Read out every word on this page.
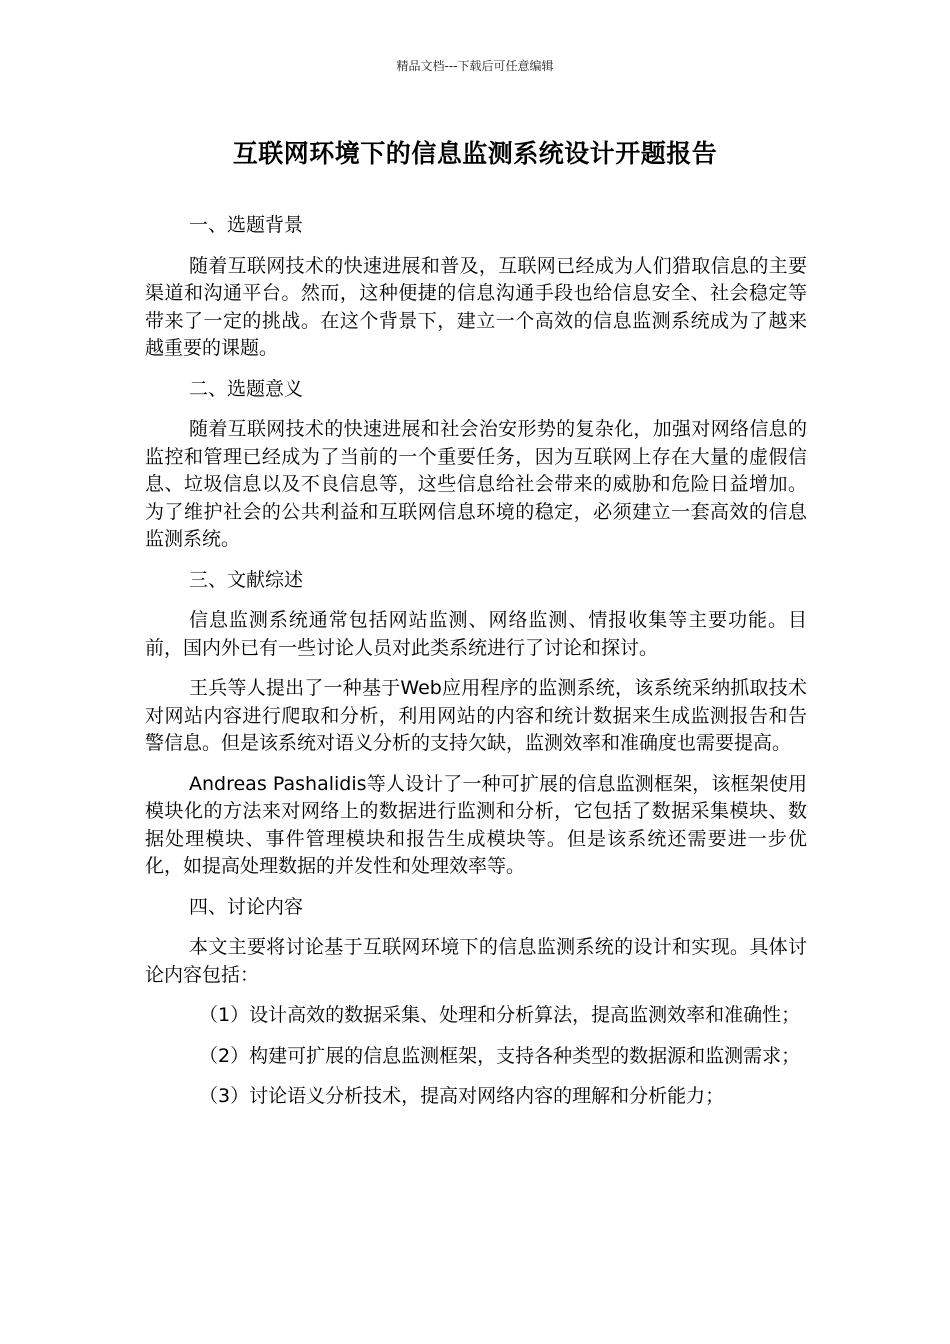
精品文档---下载后可任意编辑
互联网环境下的信息监测系统设计开题报告

一、选题背景

随着互联网技术的快速进展和普及，互联网已经成为人们猎取信息的主要渠道和沟通平台。然而，这种便捷的信息沟通手段也给信息安全、社会稳定等带来了一定的挑战。在这个背景下，建立一个高效的信息监测系统成为了越来越重要的课题。

二、选题意义

随着互联网技术的快速进展和社会治安形势的复杂化，加强对网络信息的监控和管理已经成为了当前的一个重要任务，因为互联网上存在大量的虚假信息、垃圾信息以及不良信息等，这些信息给社会带来的威胁和危险日益增加。为了维护社会的公共利益和互联网信息环境的稳定，必须建立一套高效的信息监测系统。

三、文献综述

信息监测系统通常包括网站监测、网络监测、情报收集等主要功能。目前，国内外已有一些讨论人员对此类系统进行了讨论和探讨。

王兵等人提出了一种基于Web应用程序的监测系统，该系统采纳抓取技术对网站内容进行爬取和分析，利用网站的内容和统计数据来生成监测报告和告警信息。但是该系统对语义分析的支持欠缺，监测效率和准确度也需要提高。

Andreas Pashalidis等人设计了一种可扩展的信息监测框架，该框架使用模块化的方法来对网络上的数据进行监测和分析，它包括了数据采集模块、数据处理模块、事件管理模块和报告生成模块等。但是该系统还需要进一步优化，如提高处理数据的并发性和处理效率等。

四、讨论内容

本文主要将讨论基于互联网环境下的信息监测系统的设计和实现。具体讨论内容包括：

（1）设计高效的数据采集、处理和分析算法，提高监测效率和准确性；

（2）构建可扩展的信息监测框架，支持各种类型的数据源和监测需求；

（3）讨论语义分析技术，提高对网络内容的理解和分析能力；
